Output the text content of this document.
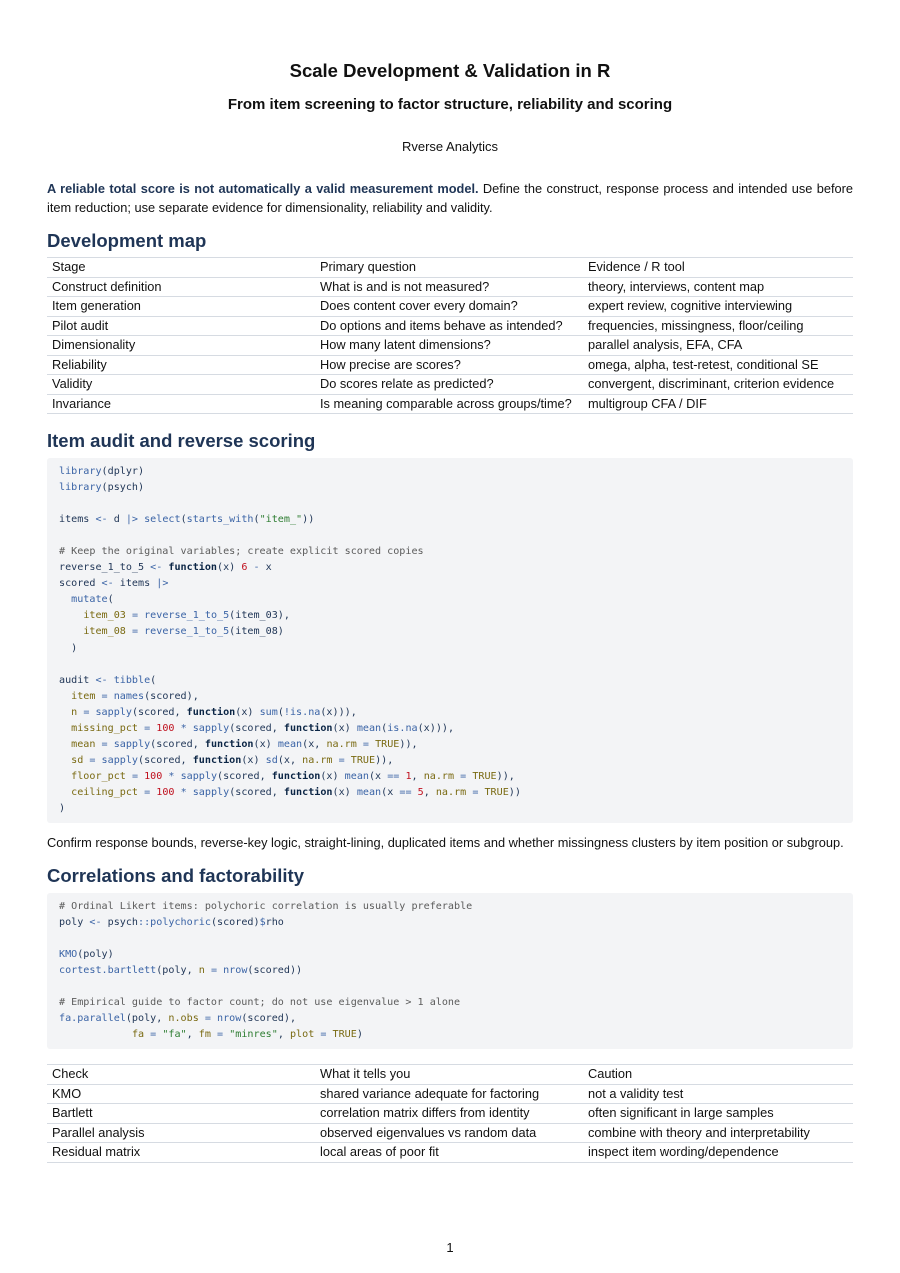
Scale Development & Validation in R

From item screening to factor structure, reliability and scoring

Rverse Analytics

A reliable total score is not automatically a valid measurement model. Define the construct, response process and intended use before item reduction; use separate evidence for dimensionality, reliability and validity.

Development map
Stage	Primary question	Evidence / R tool
Construct definition	What is and is not measured?	theory, interviews, content map
Item generation	Does content cover every domain?	expert review, cognitive interviewing
Pilot audit	Do options and items behave as intended?	frequencies, missingness, floor/ceiling
Dimensionality	How many latent dimensions?	parallel analysis, EFA, CFA
Reliability	How precise are scores?	omega, alpha, test-retest, conditional SE
Validity	Do scores relate as predicted?	convergent, discriminant, criterion evidence
Invariance	Is meaning comparable across groups/time?	multigroup CFA / DIF
Item audit and reverse scoring
library(dplyr)
library(psych)

items <- d |> select(starts_with("item_"))

# Keep the original variables; create explicit scored copies
reverse_1_to_5 <- function(x) 6 - x
scored <- items |>
mutate(
item_03 = reverse_1_to_5(item_03),
item_08 = reverse_1_to_5(item_08)
)

audit <- tibble(
item = names(scored),
n = sapply(scored, function(x) sum(!is.na(x))),
missing_pct = 100 * sapply(scored, function(x) mean(is.na(x))),
mean = sapply(scored, function(x) mean(x, na.rm = TRUE)),
sd = sapply(scored, function(x) sd(x, na.rm = TRUE)),
floor_pct = 100 * sapply(scored, function(x) mean(x == 1, na.rm = TRUE)),
ceiling_pct = 100 * sapply(scored, function(x) mean(x == 5, na.rm = TRUE))
)

Confirm response bounds, reverse-key logic, straight-lining, duplicated items and whether missingness clusters by item position or subgroup.

Correlations and factorability
# Ordinal Likert items: polychoric correlation is usually preferable
poly <- psych::polychoric(scored)$rho

KMO(poly)
cortest.bartlett(poly, n = nrow(scored))

# Empirical guide to factor count; do not use eigenvalue > 1 alone
fa.parallel(poly, n.obs = nrow(scored),
fa = "fa", fm = "minres", plot = TRUE)
Check	What it tells you	Caution
KMO	shared variance adequate for factoring	not a validity test
Bartlett	correlation matrix differs from identity	often significant in large samples
Parallel analysis	observed eigenvalues vs random data	combine with theory and interpretability
Residual matrix	local areas of poor fit	inspect item wording/dependence
1
